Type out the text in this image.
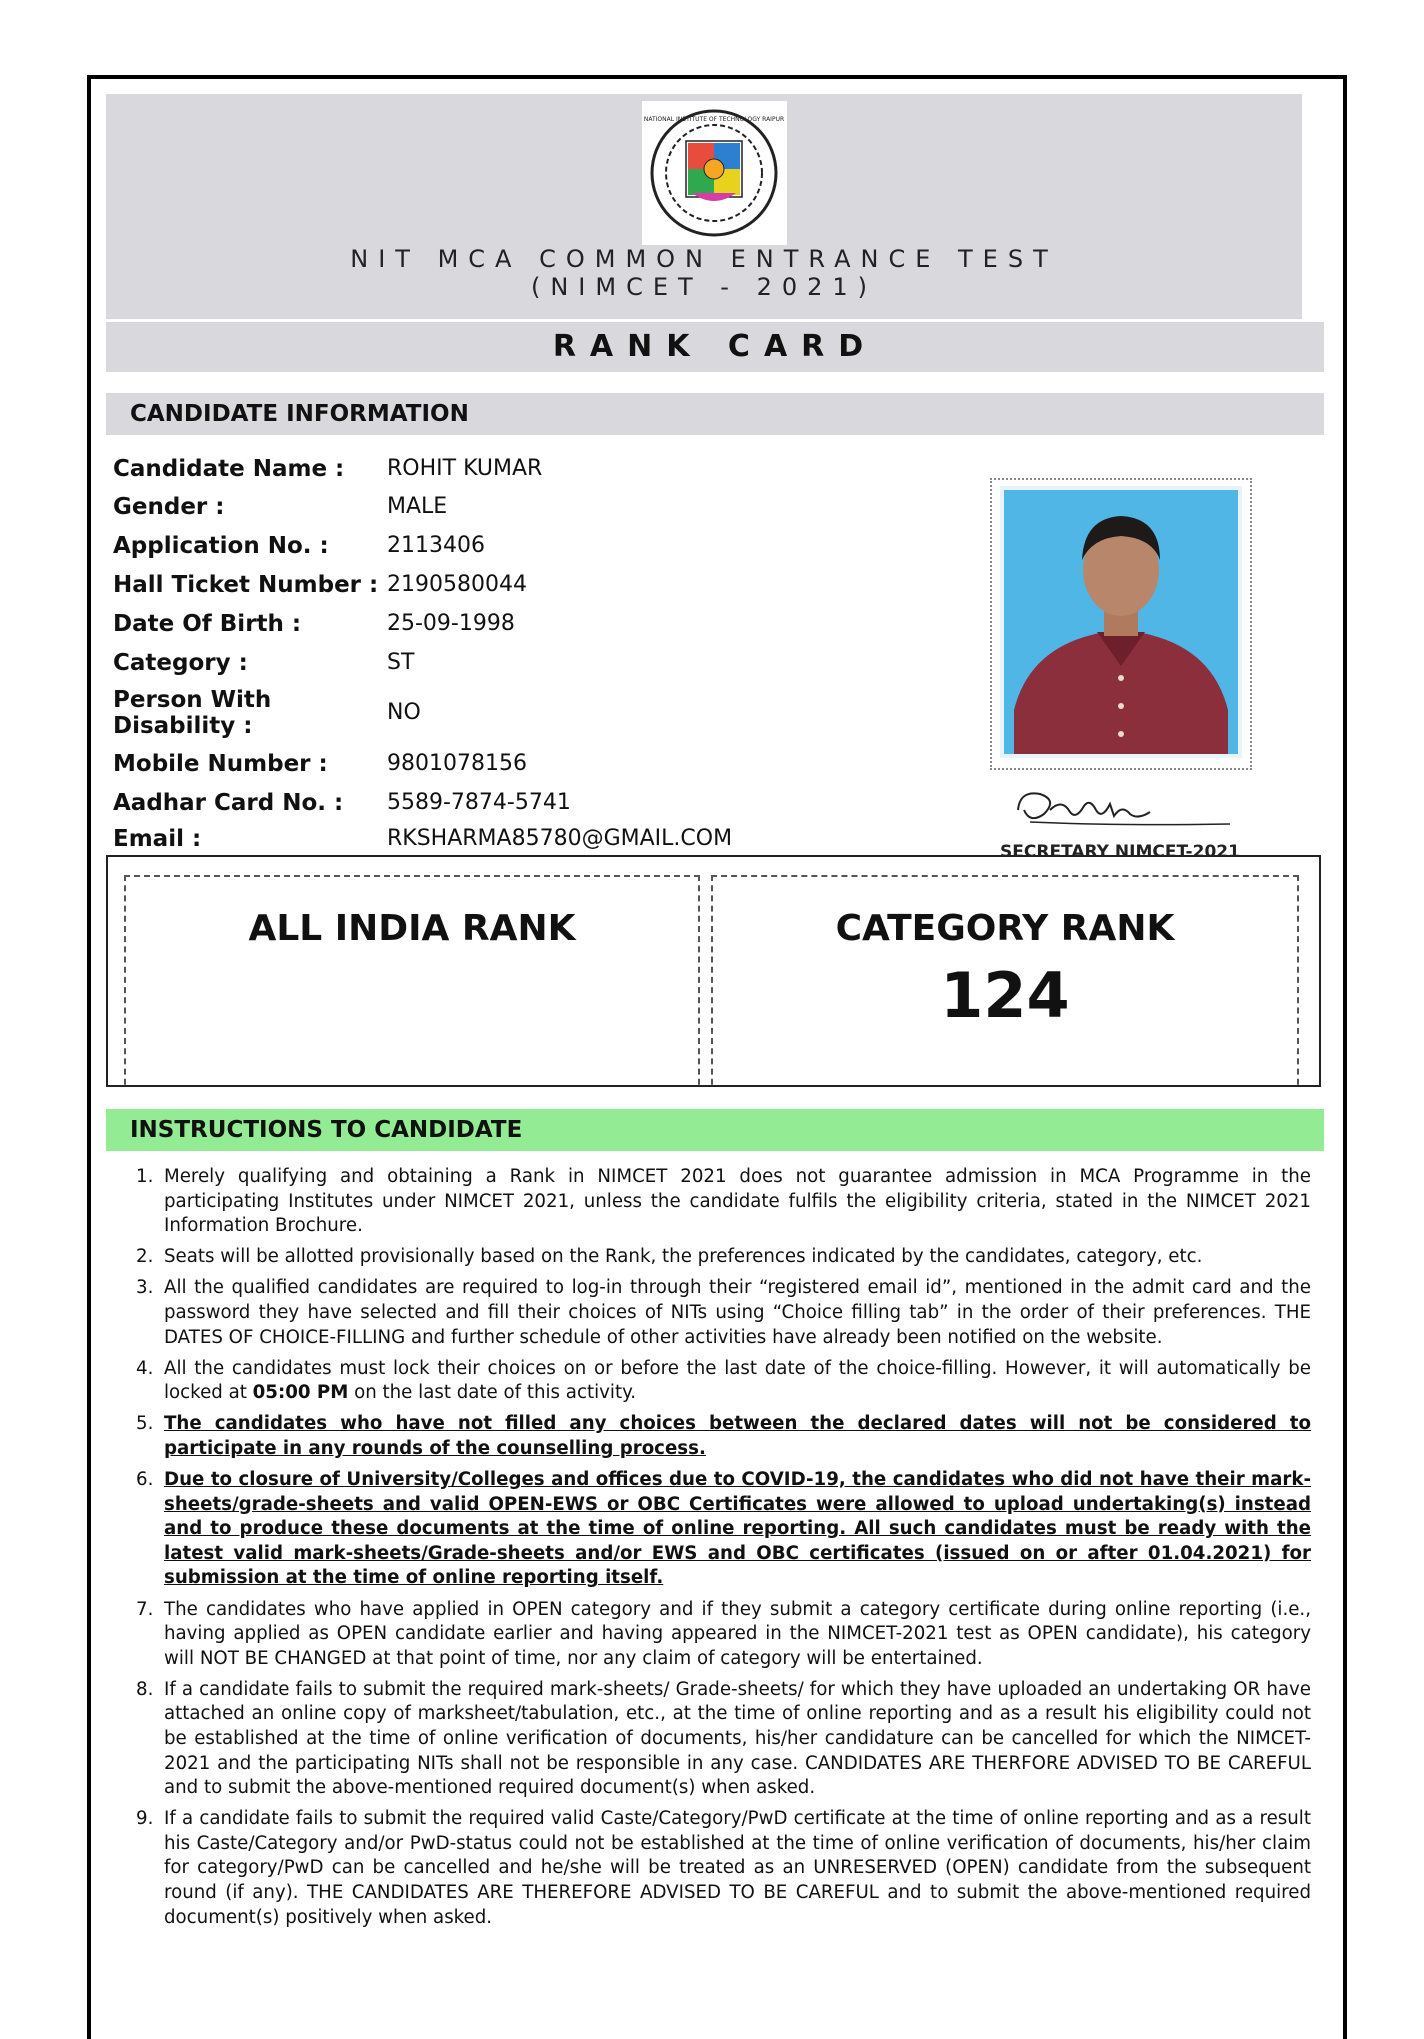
NATIONAL INSTITUTE OF TECHNOLOGY RAIPUR
NIT MCA COMMON ENTRANCE TEST
(NIMCET - 2021)
RANK CARD
CANDIDATE INFORMATION
Candidate Name :	ROHIT KUMAR
Gender :	MALE
Application No. :	2113406
Hall Ticket Number : 2190580044
Date Of Birth :	25-09-1998
Category :	ST
Person With Disability :
NO
Mobile Number :	9801078156
Aadhar Card No. :	5589-7874-5741
Email :	RKSHARMA85780@GMAIL.COM
SECRETARY NIMCET-2021
ALL INDIA RANK	CATEGORY RANK
124
INSTRUCTIONS TO CANDIDATE
1. Merely qualifying and obtaining a Rank in NIMCET 2021 does not guarantee admission in MCA Programme in the participating Institutes under NIMCET 2021, unless the candidate fulfils the eligibility criteria, stated in the NIMCET 2021 Information Brochure.
2. Seats will be allotted provisionally based on the Rank, the preferences indicated by the candidates, category, etc.
3. All the qualified candidates are required to log-in through their “registered email id”, mentioned in the admit card and the password they have selected and fill their choices of NITs using “Choice filling tab” in the order of their preferences. THE DATES OF CHOICE-FILLING and further schedule of other activities have already been notified on the website.
4. All the candidates must lock their choices on or before the last date of the choice-filling. However, it will automatically be locked at 05:00 PM on the last date of this activity.
5. The candidates who have not filled any choices between the declared dates will not be considered to participate in any rounds of the counselling process.
6. Due to closure of University/Colleges and offices due to COVID-19, the candidates who did not have their mark-sheets/grade-sheets and valid OPEN-EWS or OBC Certificates were allowed to upload undertaking(s) instead and to produce these documents at the time of online reporting. All such candidates must be ready with the latest valid mark-sheets/Grade-sheets and/or EWS and OBC certificates (issued on or after 01.04.2021) for submission at the time of online reporting itself.
7. The candidates who have applied in OPEN category and if they submit a category certificate during online reporting (i.e., having applied as OPEN candidate earlier and having appeared in the NIMCET-2021 test as OPEN candidate), his category will NOT BE CHANGED at that point of time, nor any claim of category will be entertained.
8. If a candidate fails to submit the required mark-sheets/ Grade-sheets/ for which they have uploaded an undertaking OR have attached an online copy of marksheet/tabulation, etc., at the time of online reporting and as a result his eligibility could not be established at the time of online verification of documents, his/her candidature can be cancelled for which the NIMCET-2021 and the participating NITs shall not be responsible in any case. CANDIDATES ARE THERFORE ADVISED TO BE CAREFUL and to submit the above-mentioned required document(s) when asked.
9. If a candidate fails to submit the required valid Caste/Category/PwD certificate at the time of online reporting and as a result his Caste/Category and/or PwD-status could not be established at the time of online verification of documents, his/her claim for category/PwD can be cancelled and he/she will be treated as an UNRESERVED (OPEN) candidate from the subsequent round (if any). THE CANDIDATES ARE THEREFORE ADVISED TO BE CAREFUL and to submit the above-mentioned required document(s) positively when asked.
